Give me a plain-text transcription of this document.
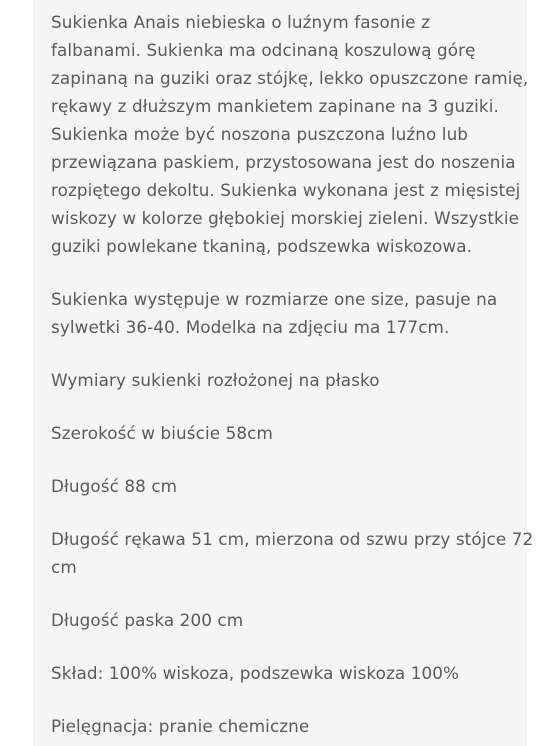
Sukienka Anais niebieska o luźnym fasonie z
falbanami. Sukienka ma odcinaną koszulową górę
zapinaną na guziki oraz stójkę, lekko opuszczone ramię,
rękawy z dłuższym mankietem zapinane na 3 guziki.
Sukienka może być noszona puszczona luźno lub
przewiązana paskiem, przystosowana jest do noszenia
rozpiętego dekoltu. Sukienka wykonana jest z mięsistej
wiskozy w kolorze głębokiej morskiej zieleni. Wszystkie
guziki powlekane tkaniną, podszewka wiskozowa.
Sukienka występuje w rozmiarze one size, pasuje na
sylwetki 36-40. Modelka na zdjęciu ma 177cm.
Wymiary sukienki rozłożonej na płasko
Szerokość w biuście 58cm
Długość 88 cm
Długość rękawa 51 cm, mierzona od szwu przy stójce 72
cm
Długość paska 200 cm
Skład: 100% wiskoza, podszewka wiskoza 100%
Pielęgnacja: pranie chemiczne
